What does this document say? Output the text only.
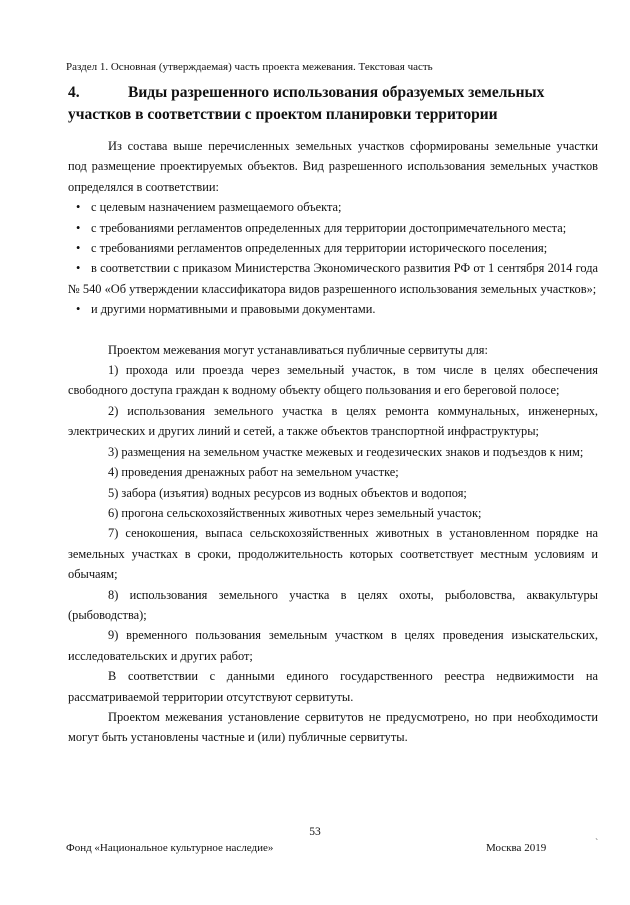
Раздел 1. Основная (утверждаемая) часть проекта межевания. Текстовая часть
4.	Виды разрешенного использования образуемых земельных участков в соответствии с проектом планировки территории

Из состава выше перечисленных земельных участков сформированы земельные участки под размещение проектируемых объектов. Вид разрешенного использования земельных участков определялся в соответствии:

• с целевым назначением размещаемого объекта;

• с требованиями регламентов определенных для территории достопримечательного места;

• с требованиями регламентов определенных для территории исторического поселения;

• в соответствии с приказом Министерства Экономического развития РФ от 1 сентября 2014 года № 540 «Об утверждении классификатора видов разрешенного использования земельных участков»;

• и другими нормативными и правовыми документами.

Проектом межевания могут устанавливаться публичные сервитуты для:

1) прохода или проезда через земельный участок, в том числе в целях обеспечения свободного доступа граждан к водному объекту общего пользования и его береговой полосе;

2) использования земельного участка в целях ремонта коммунальных, инженерных, электрических и других линий и сетей, а также объектов транспортной инфраструктуры;

3) размещения на земельном участке межевых и геодезических знаков и подъездов к ним;

4) проведения дренажных работ на земельном участке;

5) забора (изъятия) водных ресурсов из водных объектов и водопоя;

6) прогона сельскохозяйственных животных через земельный участок;

7) сенокошения, выпаса сельскохозяйственных животных в установленном порядке на земельных участках в сроки, продолжительность которых соответствует местным условиям и обычаям;

8) использования земельного участка в целях охоты, рыболовства, аквакультуры (рыбоводства);

9) временного пользования земельным участком в целях проведения изыскательских, исследовательских и других работ;

В соответствии с данными единого государственного реестра недвижимости на рассматриваемой территории отсутствуют сервитуты.

Проектом межевания установление сервитутов не предусмотрено, но при необходимости могут быть установлены частные и (или) публичные сервитуты.

53
Фонд «Национальное культурное наследие»	Москва 2019	`
